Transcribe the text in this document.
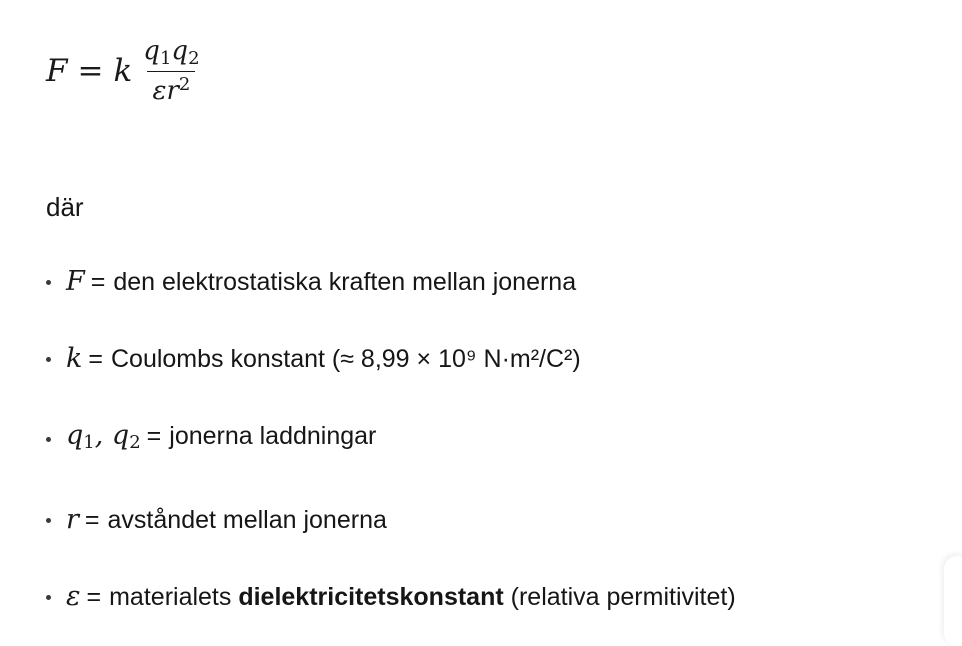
F = k $\frac{q1q2}{\varepsilon r^2}$
där
F = den elektrostatiska kraften mellan jonerna
k = Coulombs konstant (≈ 8,99 × 10⁹ N·m²/C²)
q1, q2 = jonerna laddningar
r = avståndet mellan jonerna
ε = materialets dielektricitetskonstant (relativa permitivitet)
